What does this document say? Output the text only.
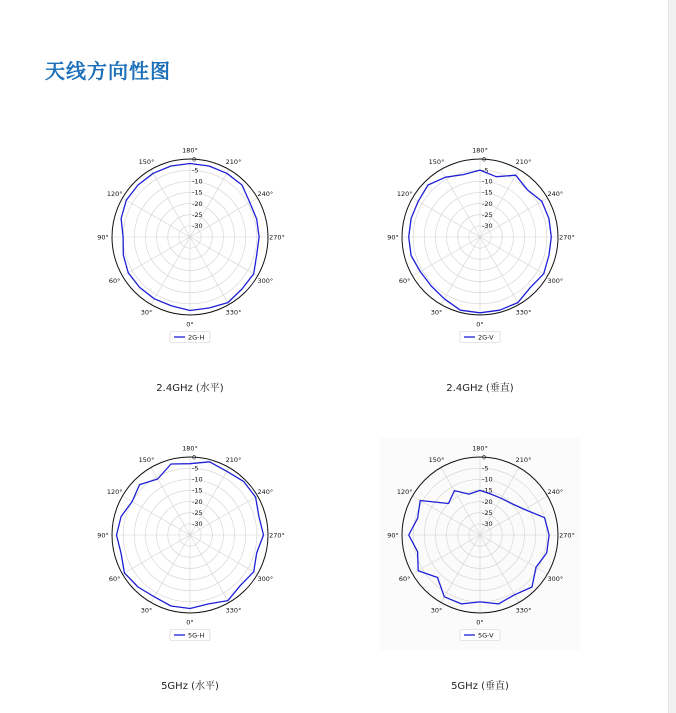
天线方向性图
0°
30°
60°
90°
120°
150°
180°
210°
240°
270°
300°
330°
0
-5
-10
-15
-20
-25
-30
2G-H
2.4GHz (水平)
0°
30°
60°
90°
120°
150°
180°
210°
240°
270°
300°
330°
0
-5
-10
-15
-20
-25
-30
2G-V
2.4GHz (垂直)
0°
30°
60°
90°
120°
150°
180°
210°
240°
270°
300°
330°
0
-5
-10
-15
-20
-25
-30
5G-H
5GHz (水平)
0°
30°
60°
90°
120°
150°
180°
210°
240°
270°
300°
330°
0
-5
-10
-15
-20
-25
-30
5G-V
5GHz (垂直)
